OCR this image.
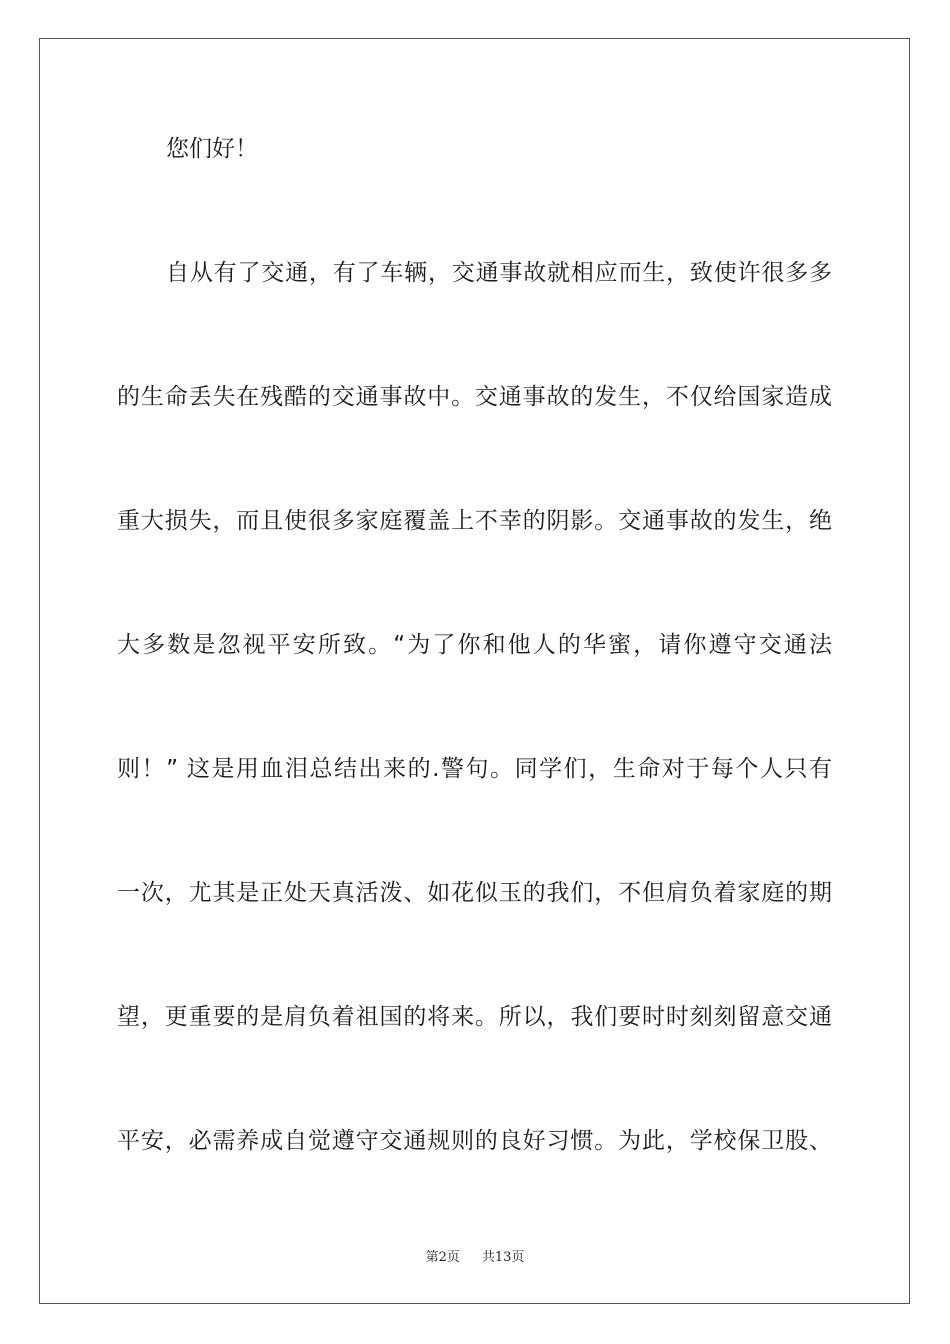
您们好！
自从有了交通，有了车辆，交通事故就相应而生，致使许很多多
的生命丢失在残酷的交通事故中。交通事故的发生，不仅给国家造成
重大损失，而且使很多家庭覆盖上不幸的阴影。交通事故的发生，绝
大多数是忽视平安所致。“为了你和他人的华蜜，请你遵守交通法
则！” 这是用血泪总结出来的.警句。同学们，生命对于每个人只有
一次，尤其是正处天真活泼、如花似玉的我们，不但肩负着家庭的期
望，更重要的是肩负着祖国的将来。所以，我们要时时刻刻留意交通
平安，必需养成自觉遵守交通规则的良好习惯。为此，学校保卫股、
第2页 共13页
